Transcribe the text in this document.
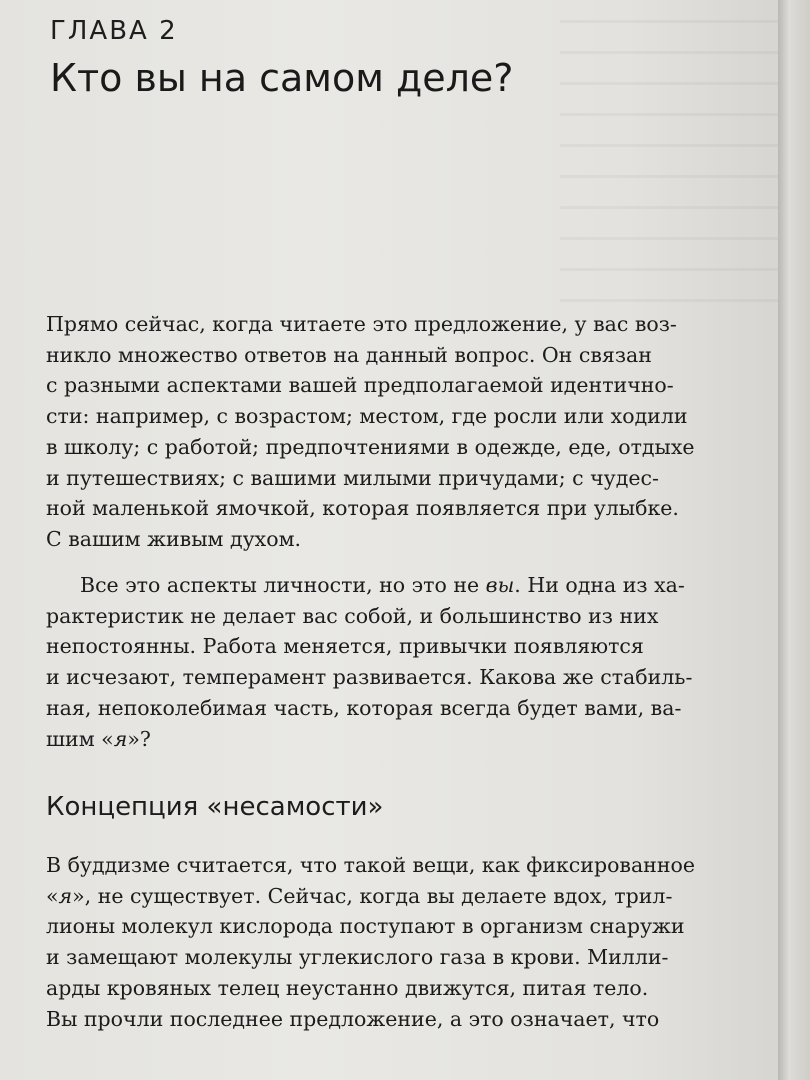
ГЛАВА 2
Кто вы на самом деле?
Прямо сейчас, когда читаете это предложение, у вас воз-
никло множество ответов на данный вопрос. Он связан
с разными аспектами вашей предполагаемой идентично-
сти: например, с возрастом; местом, где росли или ходили
в школу; с работой; предпочтениями в одежде, еде, отдыхе
и путешествиях; с вашими милыми причудами; с чудес-
ной маленькой ямочкой, которая появляется при улыбке.
С вашим живым духом.
Все это аспекты личности, но это не вы. Ни одна из ха-
рактеристик не делает вас собой, и большинство из них
непостоянны. Работа меняется, привычки появляются
и исчезают, темперамент развивается. Какова же стабиль-
ная, непоколебимая часть, которая всегда будет вами, ва-
шим «я»?
Концепция «несамости»
В буддизме считается, что такой вещи, как фиксированное
«я», не существует. Сейчас, когда вы делаете вдох, трил-
лионы молекул кислорода поступают в организм снаружи
и замещают молекулы углекислого газа в крови. Милли-
арды кровяных телец неустанно движутся, питая тело.
Вы прочли последнее предложение, а это означает, что
